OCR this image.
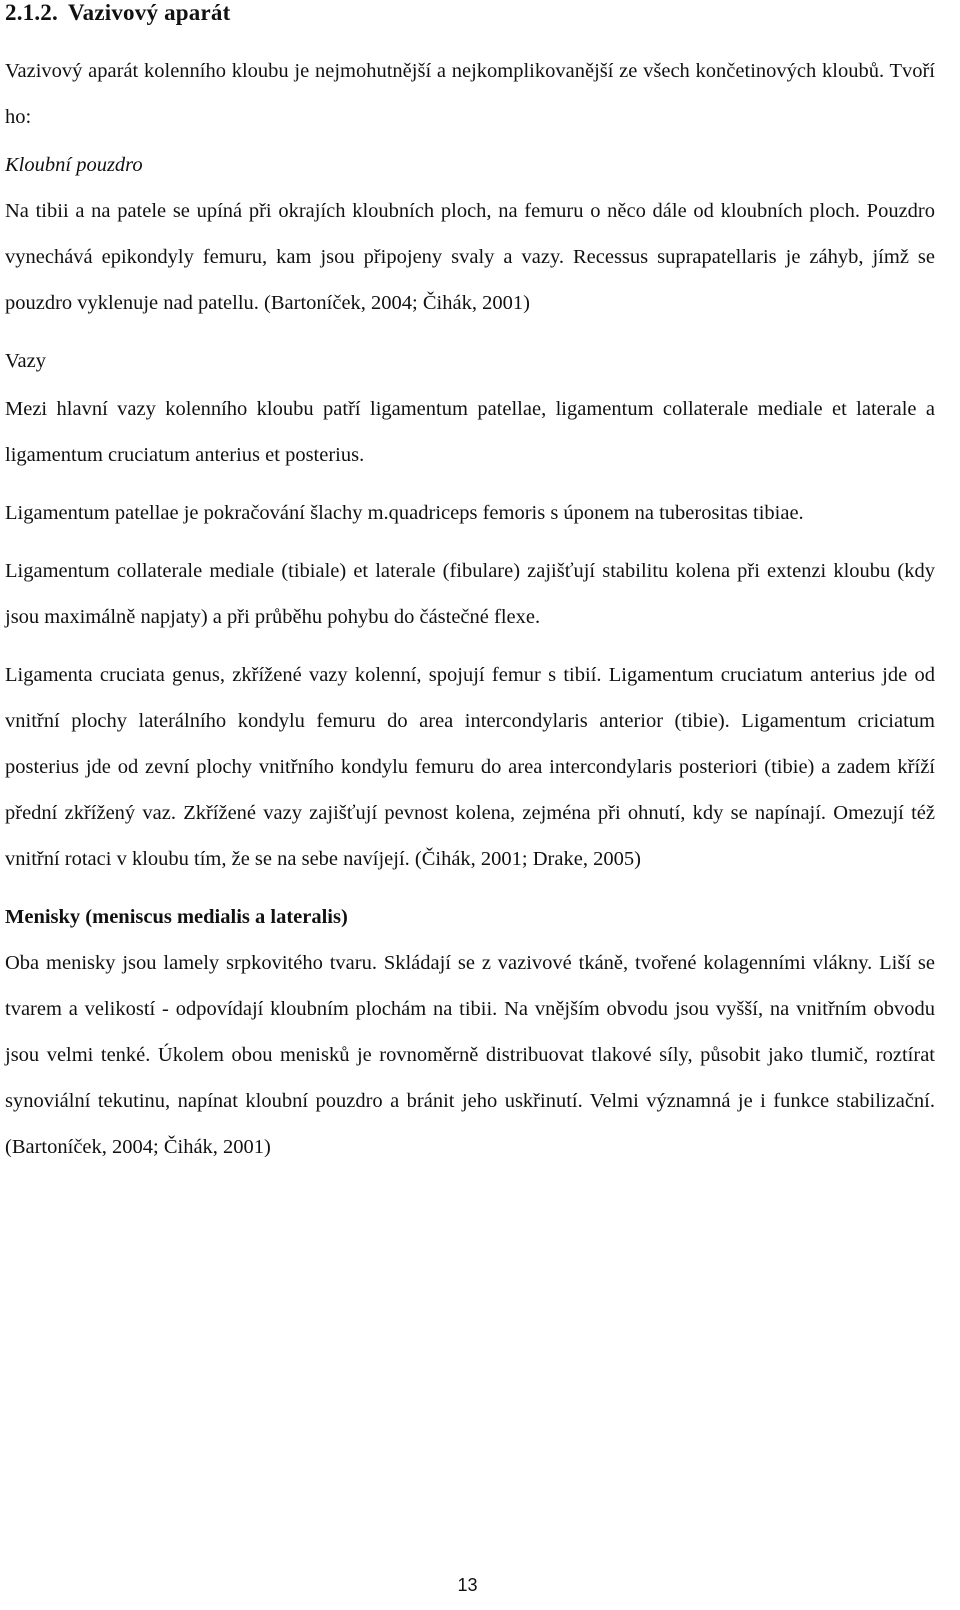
2.1.2. Vazivový aparát

Vazivový aparát kolenního kloubu je nejmohutnější a nejkomplikovanější ze všech končetinových kloubů. Tvoří ho:

Kloubní pouzdro

Na tibii a na patele se upíná při okrajích kloubních ploch, na femuru o něco dále od kloubních ploch. Pouzdro vynechává epikondyly femuru, kam jsou připojeny svaly a vazy. Recessus suprapatellaris je záhyb, jímž se pouzdro vyklenuje nad patellu. (Bartoníček, 2004; Čihák, 2001)

Vazy

Mezi hlavní vazy kolenního kloubu patří ligamentum patellae, ligamentum collaterale mediale et laterale a ligamentum cruciatum anterius et posterius.

Ligamentum patellae je pokračování šlachy m.quadriceps femoris s úponem na tuberositas tibiae.

Ligamentum collaterale mediale (tibiale) et laterale (fibulare) zajišťují stabilitu kolena při extenzi kloubu (kdy jsou maximálně napjaty) a při průběhu pohybu do částečné flexe.

Ligamenta cruciata genus, zkřížené vazy kolenní, spojují femur s tibií. Ligamentum cruciatum anterius jde od vnitřní plochy laterálního kondylu femuru do area intercondylaris anterior (tibie). Ligamentum criciatum posterius jde od zevní plochy vnitřního kondylu femuru do area intercondylaris posteriori (tibie) a zadem kříží přední zkřížený vaz. Zkřížené vazy zajišťují pevnost kolena, zejména při ohnutí, kdy se napínají. Omezují též vnitřní rotaci v kloubu tím, že se na sebe navíjejí. (Čihák, 2001; Drake, 2005)

Menisky (meniscus medialis a lateralis)

Oba menisky jsou lamely srpkovitého tvaru. Skládají se z vazivové tkáně, tvořené kolagenními vlákny. Liší se tvarem a velikostí - odpovídají kloubním plochám na tibii. Na vnějším obvodu jsou vyšší, na vnitřním obvodu jsou velmi tenké. Úkolem obou menisků je rovnoměrně distribuovat tlakové síly, působit jako tlumič, roztírat synoviální tekutinu, napínat kloubní pouzdro a bránit jeho uskřinutí. Velmi významná je i funkce stabilizační. (Bartoníček, 2004; Čihák, 2001)

13
